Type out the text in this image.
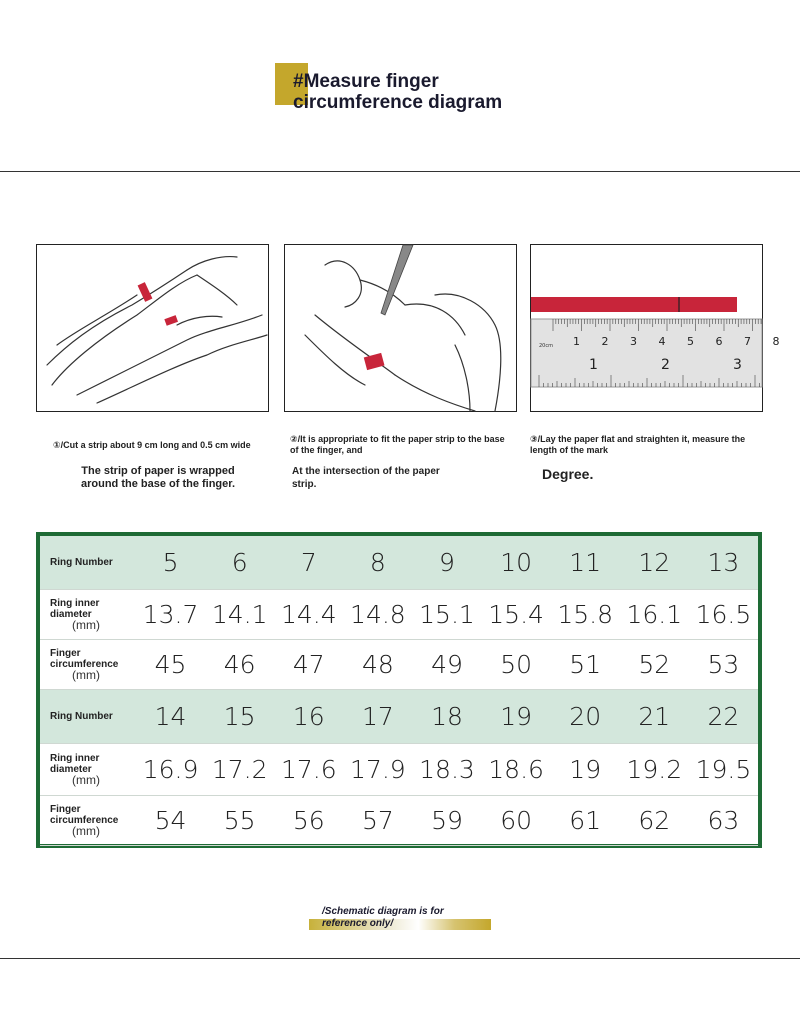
#Measure finger
circumference diagram
1 2 3 4 5 6 7 8
1	2	3
20cm
①/Cut a strip about 9 cm long and 0.5 cm wide
The strip of paper is wrapped around the base of the finger.
②/It is appropriate to fit the paper strip to the base of the finger, and
At the intersection of the paper strip.
③/Lay the paper flat and straighten it, measure the length of the mark
Degree.
Ring Number	5	6	7	8	9	10	11	12	13
Ring inner diameter
(mm)	13.7 14.1 14.4 14.8 15.1 15.4 15.8 16.1 16.5
Finger circumference
(mm)	45	46	47	48	49	50	51	52	53
Ring Number	14	15	16	17	18	19	20	21	22
Ring inner diameter
(mm)	16.9 17.2 17.6 17.9 18.3 18.6	19	19.2 19.5
Finger circumference
(mm)	54	55	56	57	59	60	61	62	63
/Schematic diagram is for
reference only/
